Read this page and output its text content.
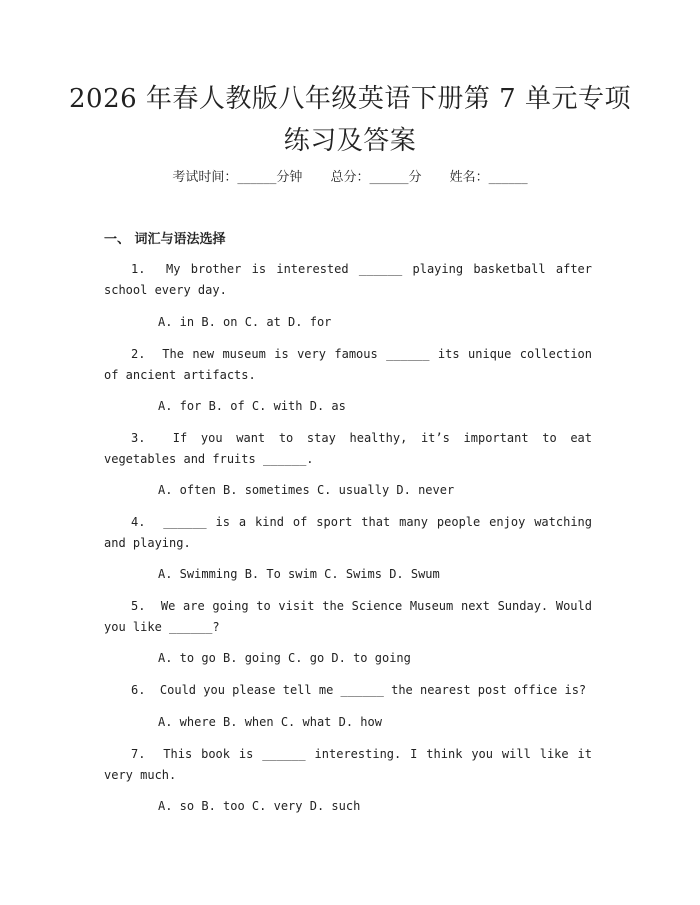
2026 年春人教版八年级英语下册第 7 单元专项练习及答案
考试时间：______分钟 总分：______分 姓名：______
一、 词汇与语法选择
1. My brother is interested ______ playing basketball after school every day.
A. in B. on C. at D. for
2. The new museum is very famous ______ its unique collection of ancient artifacts.
A. for B. of C. with D. as
3. If you want to stay healthy, it’s important to eat vegetables and fruits ______.
A. often B. sometimes C. usually D. never
4. ______ is a kind of sport that many people enjoy watching and playing.
A. Swimming B. To swim C. Swims D. Swum
5. We are going to visit the Science Museum next Sunday. Would you like ______?
A. to go B. going C. go D. to going
6. Could you please tell me ______ the nearest post office is?
A. where B. when C. what D. how
7. This book is ______ interesting. I think you will like it very much.
A. so B. too C. very D. such
